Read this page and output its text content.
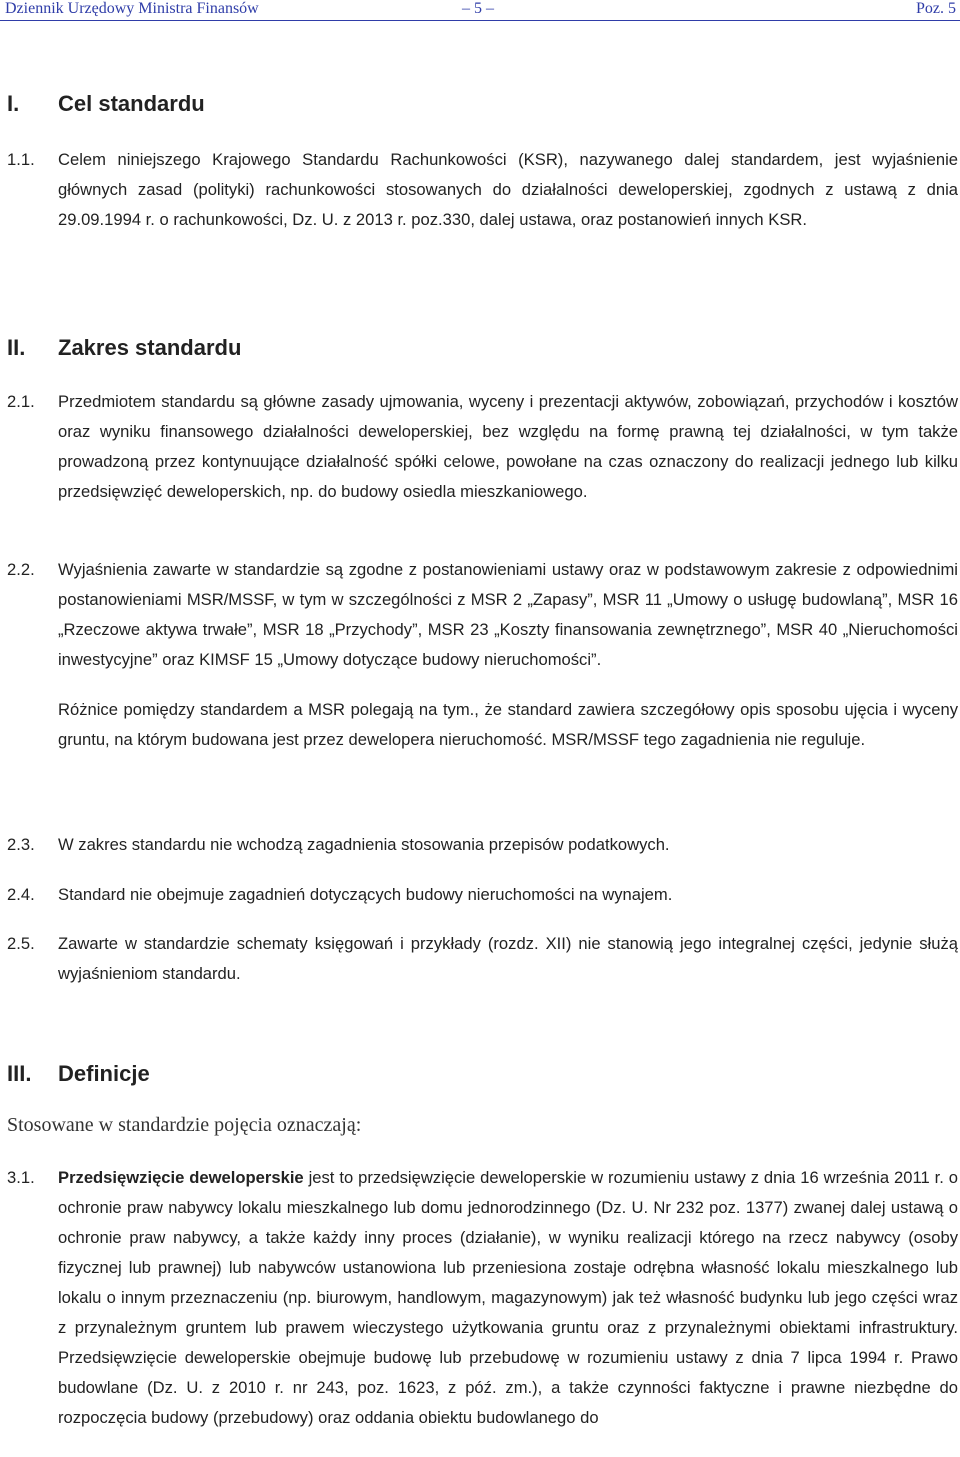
Dziennik Urzędowy Ministra Finansów	– 5 –	Poz. 5
I. Cel standardu
1.1. Celem niniejszego Krajowego Standardu Rachunkowości (KSR), nazywanego dalej standardem, jest wyjaśnienie głównych zasad (polityki) rachunkowości stosowanych do działalności deweloperskiej, zgodnych z ustawą z dnia 29.09.1994 r. o rachunkowości, Dz. U. z 2013 r. poz.330, dalej ustawa, oraz postanowień innych KSR.
II. Zakres standardu
2.1. Przedmiotem standardu są główne zasady ujmowania, wyceny i prezentacji aktywów, zobowiązań, przychodów i kosztów oraz wyniku finansowego działalności deweloperskiej, bez względu na formę prawną tej działalności, w tym także prowadzoną przez kontynuujące działalność spółki celowe, powołane na czas oznaczony do realizacji jednego lub kilku przedsięwzięć deweloperskich, np. do budowy osiedla mieszkaniowego.
2.2. Wyjaśnienia zawarte w standardzie są zgodne z postanowieniami ustawy oraz w podstawowym zakresie z odpowiednimi postanowieniami MSR/MSSF, w tym w szczególności z MSR 2 „Zapasy”, MSR 11 „Umowy o usługę budowlaną”, MSR 16 „Rzeczowe aktywa trwałe”, MSR 18 „Przychody”, MSR 23 „Koszty finansowania zewnętrznego”, MSR 40 „Nieruchomości inwestycyjne” oraz KIMSF 15 „Umowy dotyczące budowy nieruchomości”.
Różnice pomiędzy standardem a MSR polegają na tym., że standard zawiera szczegółowy opis sposobu ujęcia i wyceny gruntu, na którym budowana jest przez dewelopera nieruchomość. MSR/MSSF tego zagadnienia nie reguluje.
2.3. W zakres standardu nie wchodzą zagadnienia stosowania przepisów podatkowych.
2.4. Standard nie obejmuje zagadnień dotyczących budowy nieruchomości na wynajem.
2.5. Zawarte w standardzie schematy księgowań i przykłady (rozdz. XII) nie stanowią jego integralnej części, jedynie służą wyjaśnieniom standardu.
III. Definicje
Stosowane w standardzie pojęcia oznaczają:
3.1. Przedsięwzięcie deweloperskie jest to przedsięwzięcie deweloperskie w rozumieniu ustawy z dnia 16 września 2011 r. o ochronie praw nabywcy lokalu mieszkalnego lub domu jednorodzinnego (Dz. U. Nr 232 poz. 1377) zwanej dalej ustawą o ochronie praw nabywcy, a także każdy inny proces (działanie), w wyniku realizacji którego na rzecz nabywcy (osoby fizycznej lub prawnej) lub nabywców ustanowiona lub przeniesiona zostaje odrębna własność lokalu mieszkalnego lub lokalu o innym przeznaczeniu (np. biurowym, handlowym, magazynowym) jak też własność budynku lub jego części wraz z przynależnym gruntem lub prawem wieczystego użytkowania gruntu oraz z przynależnymi obiektami infrastruktury. Przedsięwzięcie deweloperskie obejmuje budowę lub przebudowę w rozumieniu ustawy z dnia 7 lipca 1994 r. Prawo budowlane (Dz. U. z 2010 r. nr 243, poz. 1623, z póź. zm.), a także czynności faktyczne i prawne niezbędne do rozpoczęcia budowy (przebudowy) oraz oddania obiektu budowlanego do
